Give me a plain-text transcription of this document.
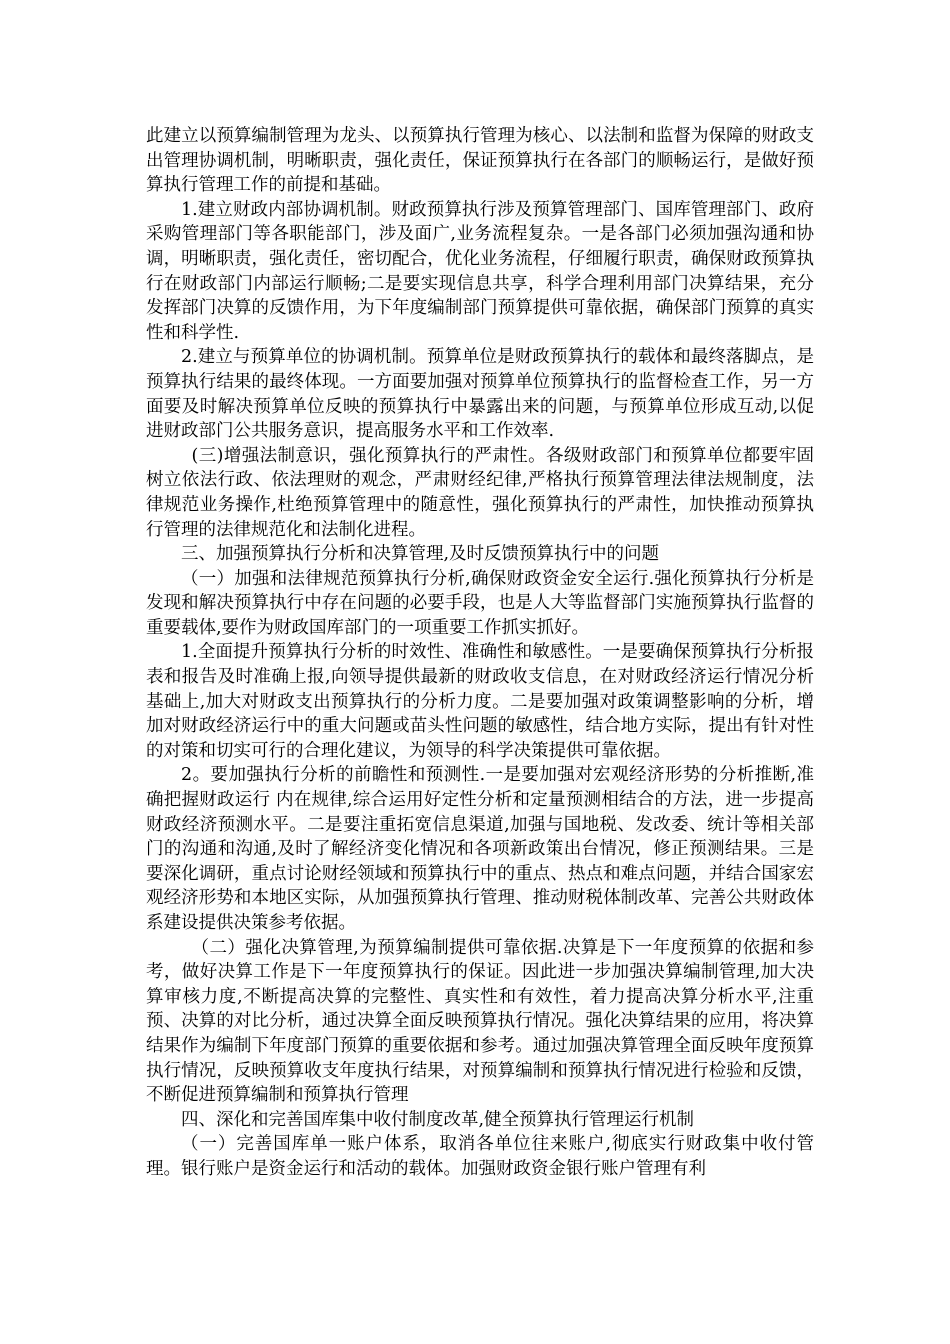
此建立以预算编制管理为龙头、以预算执行管理为核心、以法制和监督为保障的财政支出管理协调机制，明晰职责，强化责任，保证预算执行在各部门的顺畅运行，是做好预算执行管理工作的前提和基础。

1.建立财政内部协调机制。财政预算执行涉及预算管理部门、国库管理部门、政府采购管理部门等各职能部门，涉及面广,业务流程复杂。一是各部门必须加强沟通和协调，明晰职责，强化责任，密切配合，优化业务流程，仔细履行职责，确保财政预算执行在财政部门内部运行顺畅;二是要实现信息共享，科学合理利用部门决算结果，充分发挥部门决算的反馈作用，为下年度编制部门预算提供可靠依据，确保部门预算的真实性和科学性.

2.建立与预算单位的协调机制。预算单位是财政预算执行的载体和最终落脚点，是预算执行结果的最终体现。一方面要加强对预算单位预算执行的监督检查工作，另一方面要及时解决预算单位反映的预算执行中暴露出来的问题，与预算单位形成互动,以促进财政部门公共服务意识，提高服务水平和工作效率.

(三)增强法制意识，强化预算执行的严肃性。各级财政部门和预算单位都要牢固树立依法行政、依法理财的观念，严肃财经纪律,严格执行预算管理法律法规制度，法律规范业务操作,杜绝预算管理中的随意性，强化预算执行的严肃性，加快推动预算执行管理的法律规范化和法制化进程。

三、加强预算执行分析和决算管理,及时反馈预算执行中的问题

（一）加强和法律规范预算执行分析,确保财政资金安全运行.强化预算执行分析是发现和解决预算执行中存在问题的必要手段，也是人大等监督部门实施预算执行监督的重要载体,要作为财政国库部门的一项重要工作抓实抓好。

1.全面提升预算执行分析的时效性、准确性和敏感性。一是要确保预算执行分析报表和报告及时准确上报,向领导提供最新的财政收支信息，在对财政经济运行情况分析基础上,加大对财政支出预算执行的分析力度。二是要加强对政策调整影响的分析，增加对财政经济运行中的重大问题或苗头性问题的敏感性，结合地方实际，提出有针对性的对策和切实可行的合理化建议，为领导的科学决策提供可靠依据。

2。要加强执行分析的前瞻性和预测性.一是要加强对宏观经济形势的分析推断,准确把握财政运行 内在规律,综合运用好定性分析和定量预测相结合的方法，进一步提高财政经济预测水平。二是要注重拓宽信息渠道,加强与国地税、发改委、统计等相关部门的沟通和沟通,及时了解经济变化情况和各项新政策出台情况，修正预测结果。三是要深化调研，重点讨论财经领域和预算执行中的重点、热点和难点问题，并结合国家宏观经济形势和本地区实际，从加强预算执行管理、推动财税体制改革、完善公共财政体系建设提供决策参考依据。

（二）强化决算管理,为预算编制提供可靠依据.决算是下一年度预算的依据和参考，做好决算工作是下一年度预算执行的保证。因此进一步加强决算编制管理,加大决算审核力度,不断提高决算的完整性、真实性和有效性，着力提高决算分析水平,注重预、决算的对比分析，通过决算全面反映预算执行情况。强化决算结果的应用，将决算结果作为编制下年度部门预算的重要依据和参考。通过加强决算管理全面反映年度预算执行情况，反映预算收支年度执行结果，对预算编制和预算执行情况进行检验和反馈，不断促进预算编制和预算执行管理

四、深化和完善国库集中收付制度改革,健全预算执行管理运行机制

（一）完善国库单一账户体系，取消各单位往来账户,彻底实行财政集中收付管理。银行账户是资金运行和活动的载体。加强财政资金银行账户管理有利
